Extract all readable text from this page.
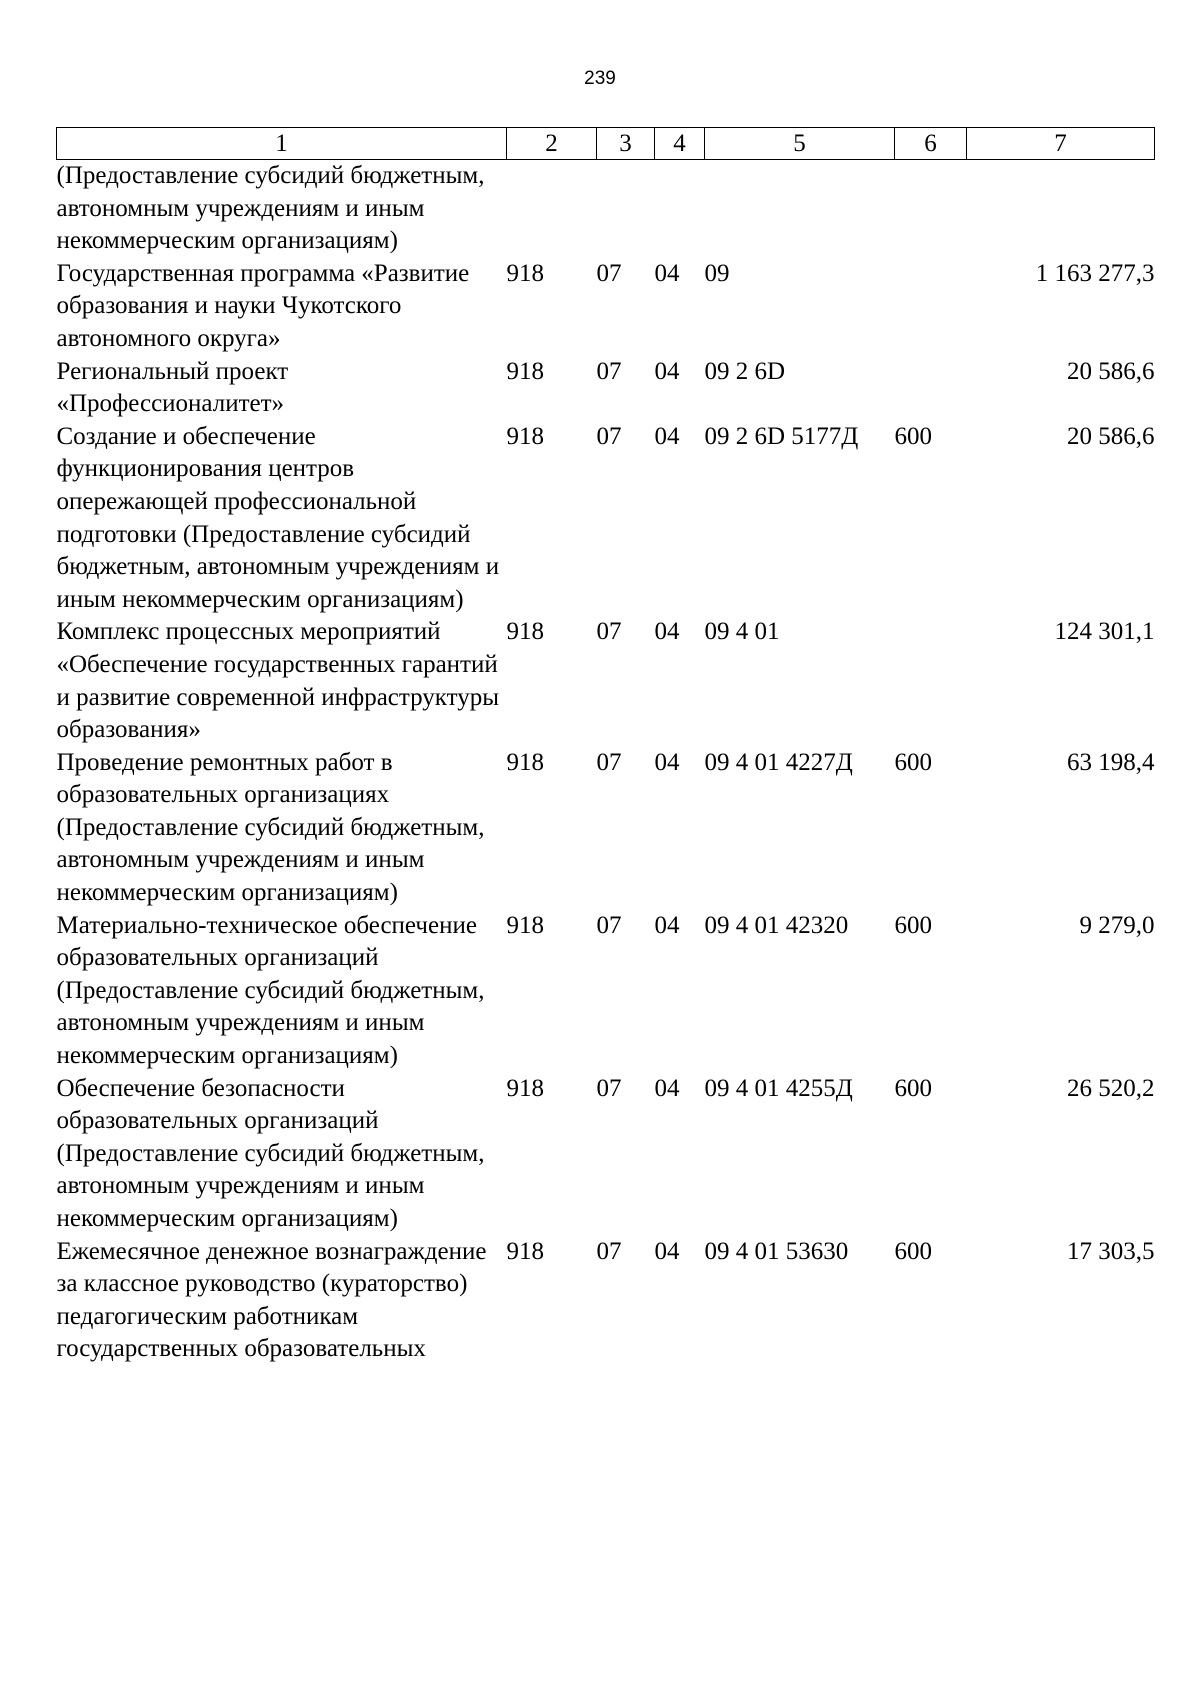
239
1	2	3	4	5	6	7
(Предоставление субсидий бюджетным, автономным учреждениям и иным некоммерческим организациям)						
Государственная программа «Развитие образования и науки Чукотского автономного округа»	918	07	04	09		1 163 277,3
Региональный проект «Профессионалитет»	918	07	04	09 2 6D		20 586,6
Создание и обеспечение функционирования центров опережающей профессиональной подготовки (Предоставление субсидий бюджетным, автономным учреждениям и иным некоммерческим организациям)	918	07	04	09 2 6D 5177Д	600	20 586,6
Комплекс процессных мероприятий «Обеспечение государственных гарантий и развитие современной инфраструктуры образования»	918	07	04	09 4 01		124 301,1
Проведение ремонтных работ в образовательных организациях (Предоставление субсидий бюджетным, автономным учреждениям и иным некоммерческим организациям)	918	07	04	09 4 01 4227Д	600	63 198,4
Материально-техническое обеспечение образовательных организаций (Предоставление субсидий бюджетным, автономным учреждениям и иным некоммерческим организациям)	918	07	04	09 4 01 42320	600	9 279,0
Обеспечение безопасности образовательных организаций (Предоставление субсидий бюджетным, автономным учреждениям и иным некоммерческим организациям)	918	07	04	09 4 01 4255Д	600	26 520,2
Ежемесячное денежное вознаграждение за классное руководство (кураторство) педагогическим работникам государственных образовательных	918	07	04	09 4 01 53630	600	17 303,5
